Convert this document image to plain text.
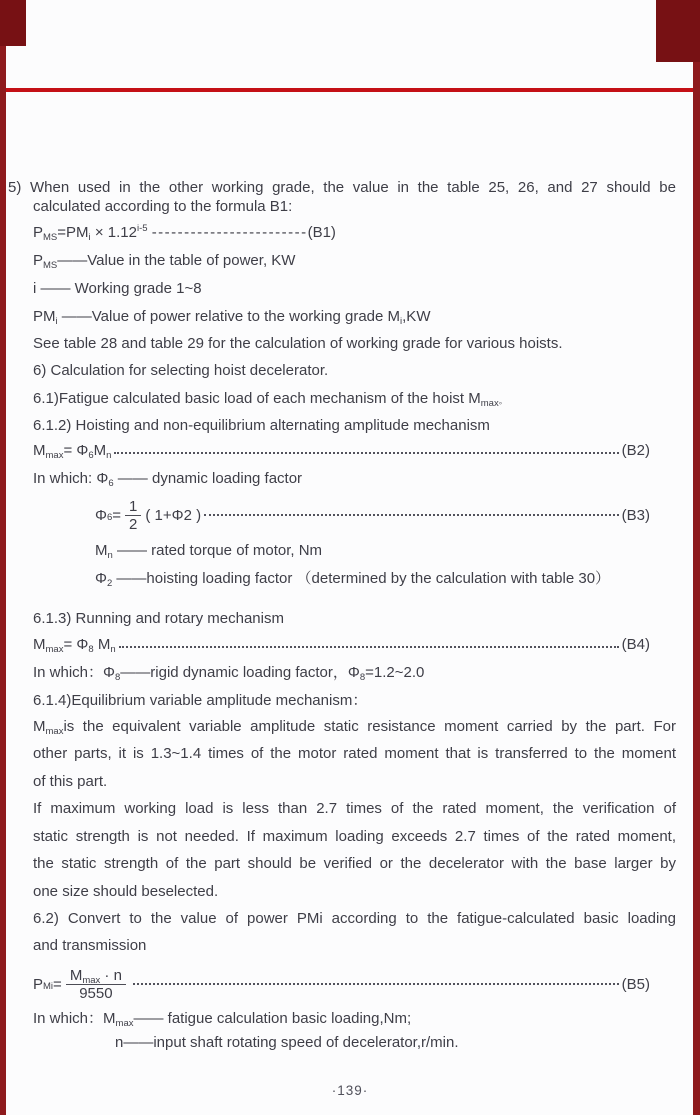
5) When used in the other working grade, the value in the table 25, 26, and 27 should be
calculated according to the formula B1:
$P_{MS}=PM_i \times 1.12^{i-5}$ ------------------------(B1)
$P_{MS}——Value$ in the table of power, KW
i —— Working grade 1~8
$PM_i$ ——Value of power relative to the working grade $M_i,KW$
See table 28 and table 29 for the calculation of working grade for various hoists.
6) Calculation for selecting hoist decelerator.
6.1)Fatigue calculated basic load of each mechanism of the hoist $M_{max◦}$
6.1.2) Hoisting and non-equilibrium alternating amplitude mechanism
$M_{max}= \Phi_6M_n$	(B2)
In which: $\Phi_6$ —— dynamic loading factor
$\Phi_6 = \frac{1}{2}$ ( 1+Φ2 )	(B3)
$M_n$ —— rated torque of motor, Nm
$\Phi_2$ ——hoisting loading factor （determined by the calculation with table 30）
6.1.3) Running and rotary mechanism
$M_{max}= \Phi_8$ $M_n$	(B4)
In which：$\Phi_8——rigid$ dynamic loading factor，$\Phi_8=1.2\sim 2.0$
6.1.4)Equilibrium variable amplitude mechanism：
$M_{max}is$ the equivalent variable amplitude static resistance moment carried by the part. For
other parts, it is 1.3~1.4 times of the motor rated moment that is transferred to the moment
of this part.
If maximum working load is less than 2.7 times of the rated moment, the verification of
static strength is not needed. If maximum loading exceeds 2.7 times of the rated moment,
the static strength of the part should be verified or the decelerator with the base larger by
one size should beselected.
6.2) Convert to the value of power PMi according to the fatigue-calculated basic loading
and transmission
$P_{Mi} = \frac{M_{max} \cdot n}{9550}$	(B5)
In which：$M_{max}——$ fatigue calculation basic loading,Nm;
n——input shaft rotating speed of decelerator,r/min.
·139·
